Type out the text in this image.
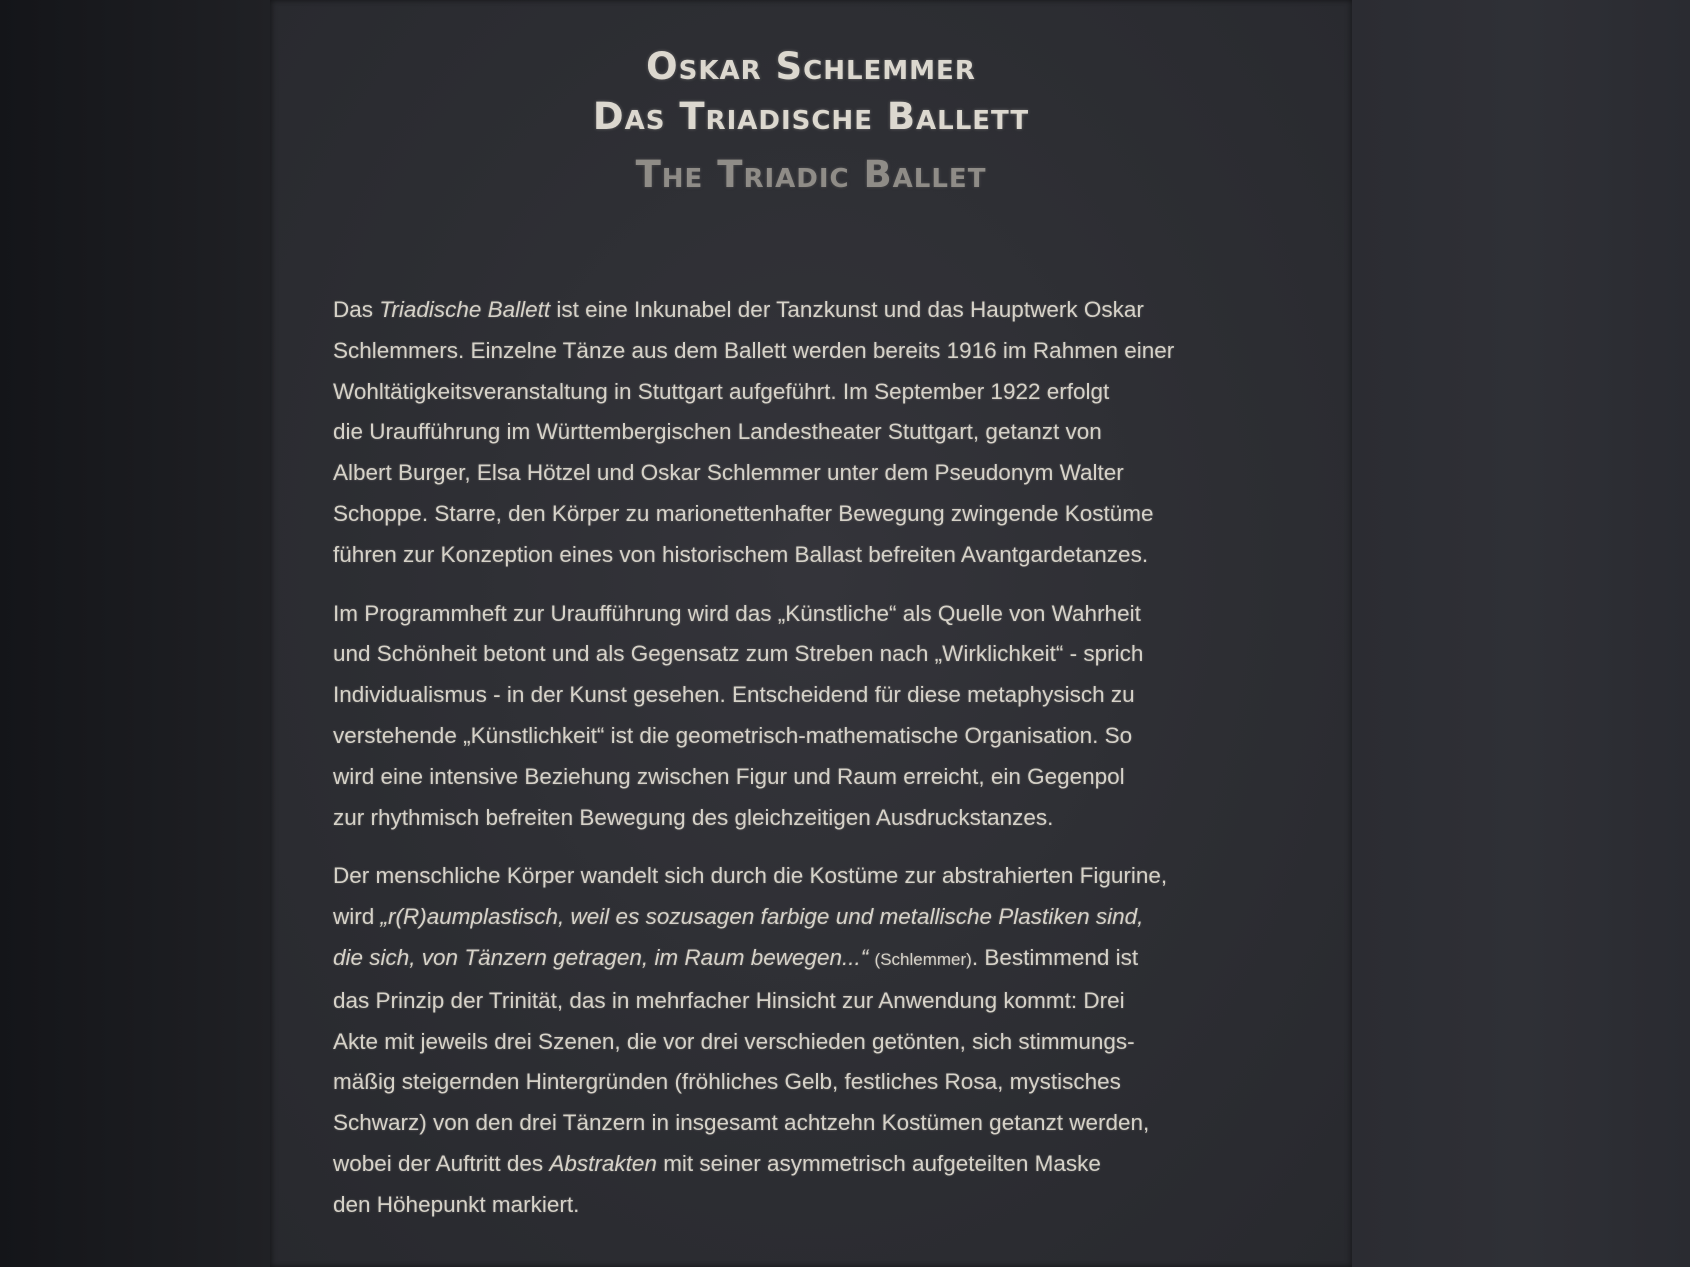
Oskar Schlemmer
Das Triadische Ballett
The Triadic Ballet

Das Triadische Ballett ist eine Inkunabel der Tanzkunst und das Hauptwerk Oskar
Schlemmers. Einzelne Tänze aus dem Ballett werden bereits 1916 im Rahmen einer
Wohltätigkeitsveranstaltung in Stuttgart aufgeführt. Im September 1922 erfolgt
die Uraufführung im Württembergischen Landestheater Stuttgart, getanzt von
Albert Burger, Elsa Hötzel und Oskar Schlemmer unter dem Pseudonym Walter
Schoppe. Starre, den Körper zu marionettenhafter Bewegung zwingende Kostüme
führen zur Konzeption eines von historischem Ballast befreiten Avantgardetanzes.

Im Programmheft zur Uraufführung wird das „Künstliche“ als Quelle von Wahrheit
und Schönheit betont und als Gegensatz zum Streben nach „Wirklichkeit“ - sprich
Individualismus - in der Kunst gesehen. Entscheidend für diese metaphysisch zu
verstehende „Künstlichkeit“ ist die geometrisch-mathematische Organisation. So
wird eine intensive Beziehung zwischen Figur und Raum erreicht, ein Gegenpol
zur rhythmisch befreiten Bewegung des gleichzeitigen Ausdruckstanzes.

Der menschliche Körper wandelt sich durch die Kostüme zur abstrahierten Figurine,
wird „r(R)aumplastisch, weil es sozusagen farbige und metallische Plastiken sind,
die sich, von Tänzern getragen, im Raum bewegen...“ (Schlemmer). Bestimmend ist
das Prinzip der Trinität, das in mehrfacher Hinsicht zur Anwendung kommt: Drei
Akte mit jeweils drei Szenen, die vor drei verschieden getönten, sich stimmungs-
mäßig steigernden Hintergründen (fröhliches Gelb, festliches Rosa, mystisches
Schwarz) von den drei Tänzern in insgesamt achtzehn Kostümen getanzt werden,
wobei der Auftritt des Abstrakten mit seiner asymmetrisch aufgeteilten Maske
den Höhepunkt markiert.
